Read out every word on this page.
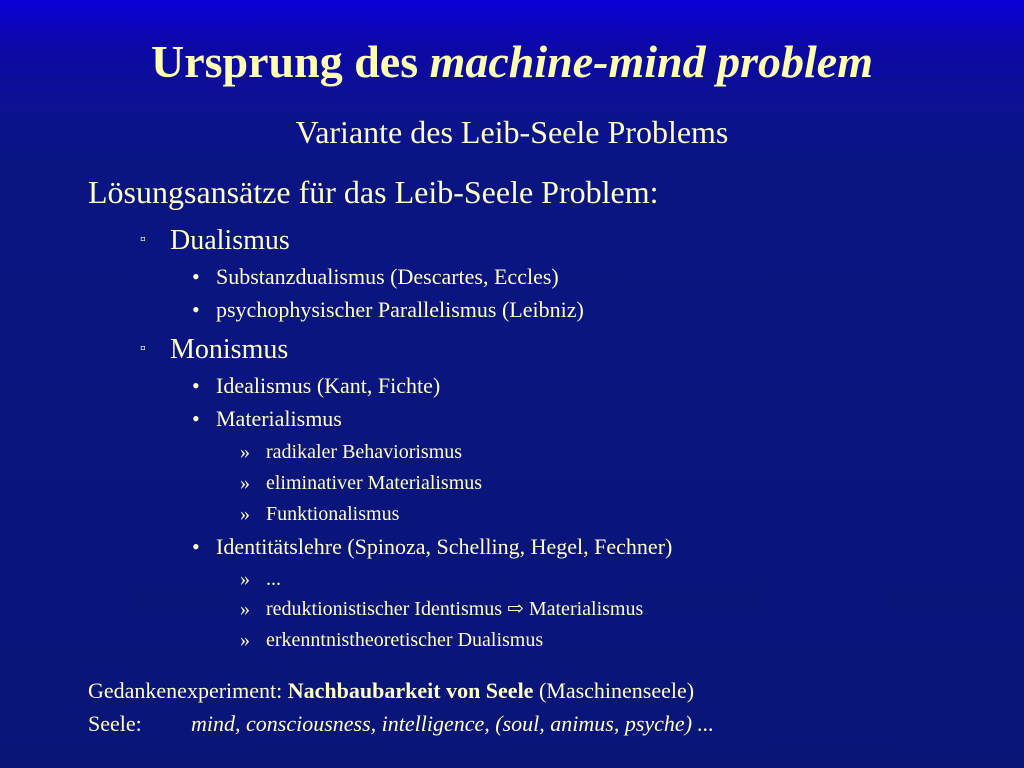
Ursprung des machine-mind problem
Variante des Leib-Seele Problems
Lösungsansätze für das Leib-Seele Problem:
▫ Dualismus
• Substanzdualismus (Descartes, Eccles)
• psychophysischer Parallelismus (Leibniz)
▫ Monismus
• Idealismus (Kant, Fichte)
• Materialismus
» radikaler Behaviorismus
» eliminativer Materialismus
» Funktionalismus
• Identitätslehre (Spinoza, Schelling, Hegel, Fechner)
» ...
» reduktionistischer Identismus ⇨ Materialismus
» erkenntnistheoretischer Dualismus
Gedankenexperiment: Nachbaubarkeit von Seele (Maschinenseele)
Seele: mind, consciousness, intelligence, (soul, animus, psyche) ...
